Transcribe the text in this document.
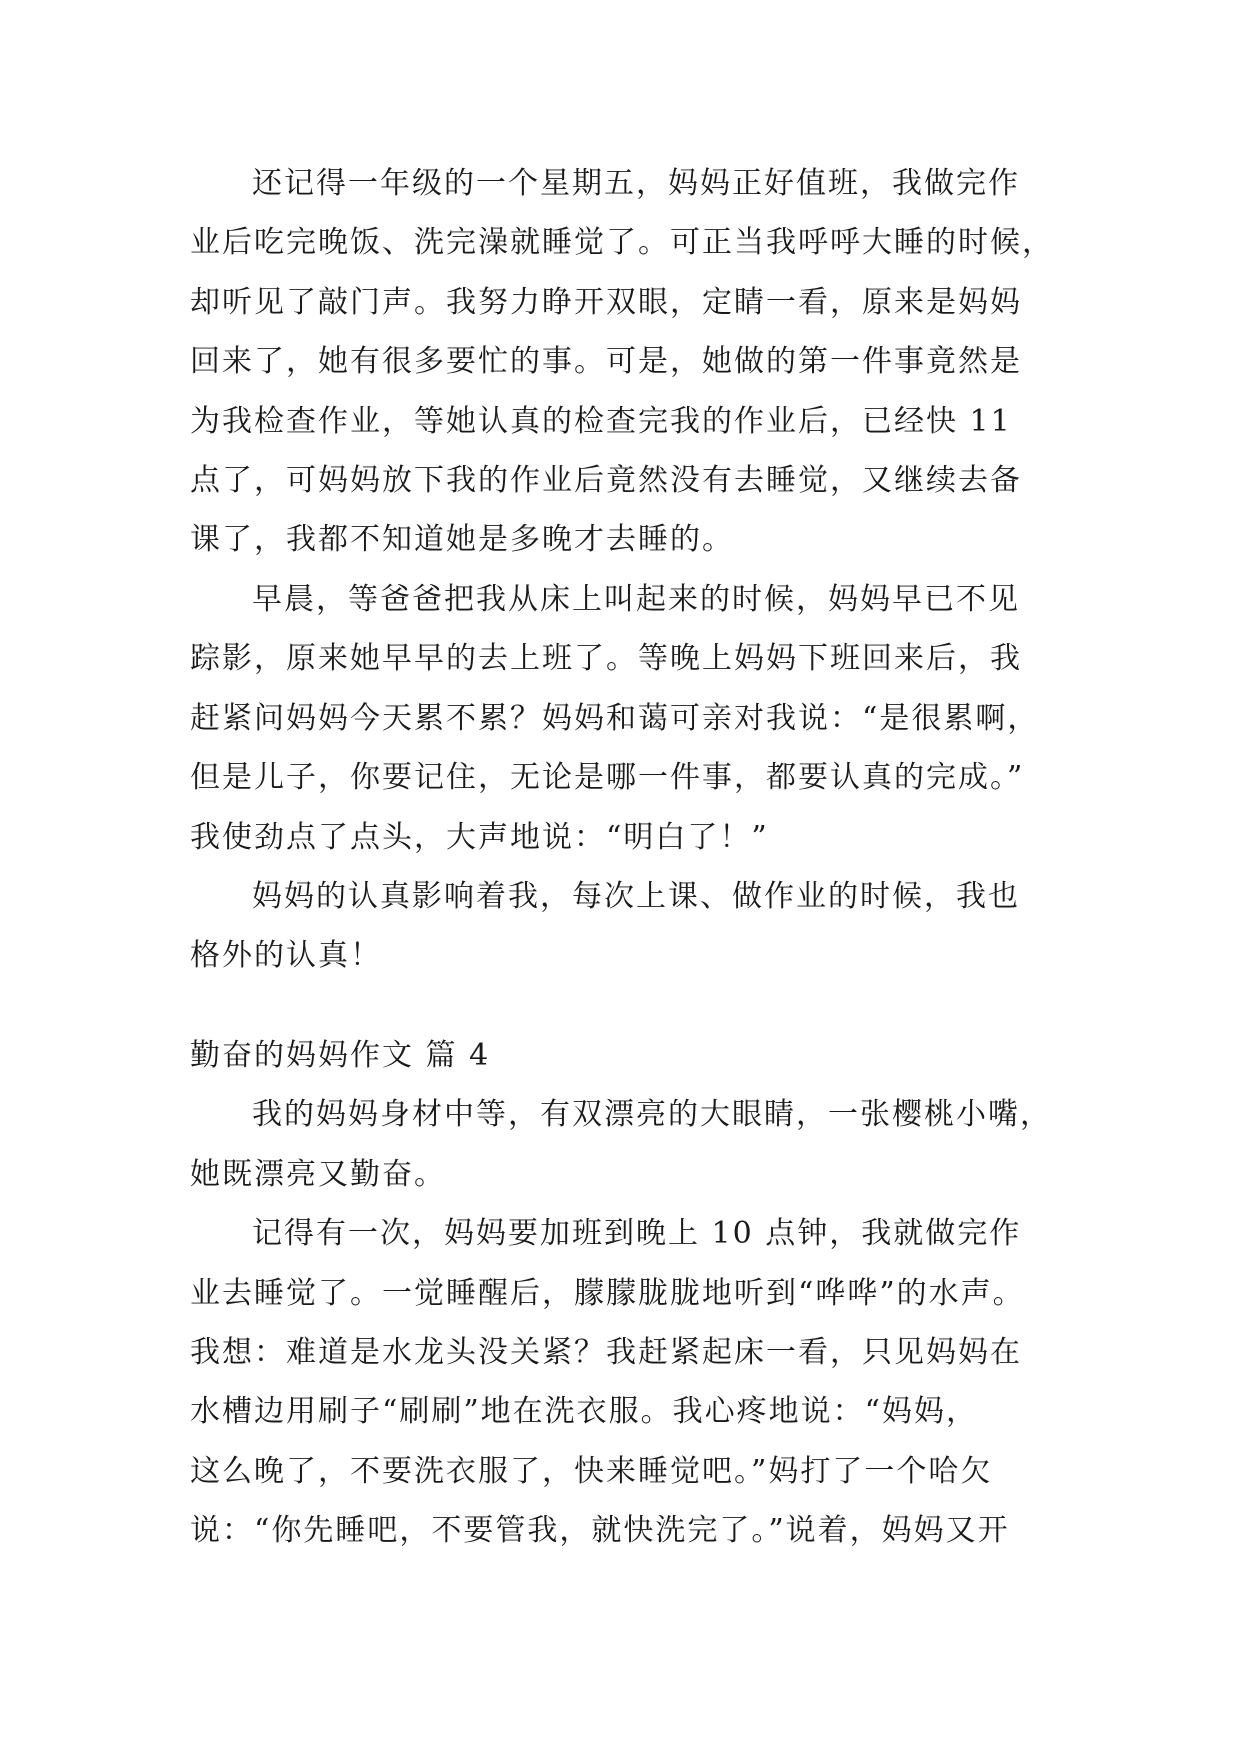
还记得一年级的一个星期五，妈妈正好值班，我做完作
业后吃完晚饭、洗完澡就睡觉了。可正当我呼呼大睡的时候，
却听见了敲门声。我努力睁开双眼，定睛一看，原来是妈妈
回来了，她有很多要忙的事。可是，她做的第一件事竟然是
为我检查作业，等她认真的检查完我的作业后，已经快 11
点了，可妈妈放下我的作业后竟然没有去睡觉，又继续去备
课了，我都不知道她是多晚才去睡的。
早晨，等爸爸把我从床上叫起来的时候，妈妈早已不见
踪影，原来她早早的去上班了。等晚上妈妈下班回来后，我
赶紧问妈妈今天累不累？妈妈和蔼可亲对我说：“是很累啊，
但是儿子，你要记住，无论是哪一件事，都要认真的完成。”
我使劲点了点头，大声地说：“明白了！”
妈妈的认真影响着我，每次上课、做作业的时候，我也
格外的认真！
勤奋的妈妈作文 篇 4
我的妈妈身材中等，有双漂亮的大眼睛，一张樱桃小嘴，
她既漂亮又勤奋。
记得有一次，妈妈要加班到晚上 10 点钟，我就做完作
业去睡觉了。一觉睡醒后，朦朦胧胧地听到“哗哗”的水声。
我想：难道是水龙头没关紧？我赶紧起床一看，只见妈妈在
水槽边用刷子“刷刷”地在洗衣服。我心疼地说：“妈妈，
这么晚了，不要洗衣服了，快来睡觉吧。”妈打了一个哈欠
说：“你先睡吧，不要管我，就快洗完了。”说着，妈妈又开
